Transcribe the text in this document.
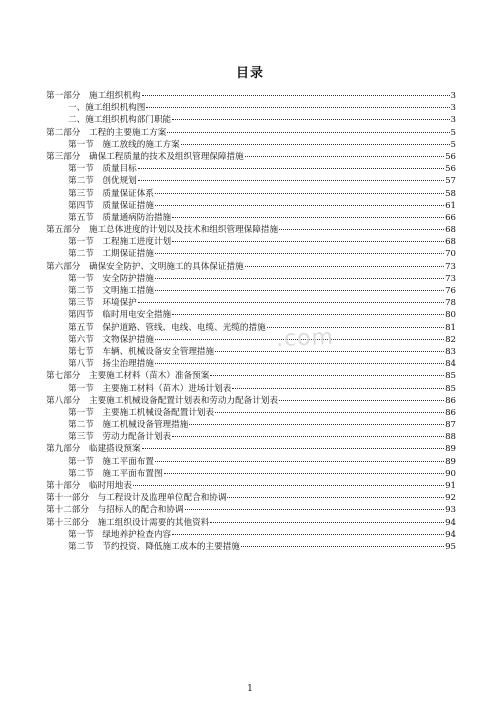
目录
第一部分　施工组织机构	3
一、施工组织机构图	3
二、施工组织机构部门职能	3
第二部分　工程的主要施工方案	5
第一节　施工放线的施工方案	5
第三部分　确保工程质量的技术及组织管理保障措施	56
第一节　质量目标	56
第二节　创优规划	57
第三节　质量保证体系	58
第四节　质量保证措施	61
第五节　质量通病防治措施	66
第五部分　施工总体进度的计划以及技术和组织管理保障措施	68
第一节　工程施工进度计划	68
第二节　工期保证措施	70
第六部分　确保安全防护、文明施工的具体保证措施	73
第一节　安全防护措施	73
第二节　文明施工措施	76
第三节　环境保护	78
第四节　临时用电安全措施	80
第五节　保护道路、管线、电线、电缆、光缆的措施	81
第六节　文物保护措施	82
第七节　车辆、机械设备安全管理措施	83
第八节　扬尘治理措施	84
第七部分　主要施工材料（苗木）准备预案	85
第一节　主要施工材料（苗木）进场计划表	85
第八部分　主要施工机械设备配置计划表和劳动力配备计划表	86
第一节　主要施工机械设备配置计划表	86
第二节　施工机械设备管理措施	87
第三节　劳动力配备计划表	88
第九部分　临建搭设预案	89
第一节　施工平面布置	89
第二节　施工平面布置图	90
第十部分　临时用地表	91
第十一部分　与工程设计及监理单位配合和协调	92
第十二部分　与招标人的配合和协调	93
第十三部分　施工组织设计需要的其他资料	94
第一节　绿地养护检查内容	94
第二节　节约投资、降低施工成本的主要措施	95
.com
1
